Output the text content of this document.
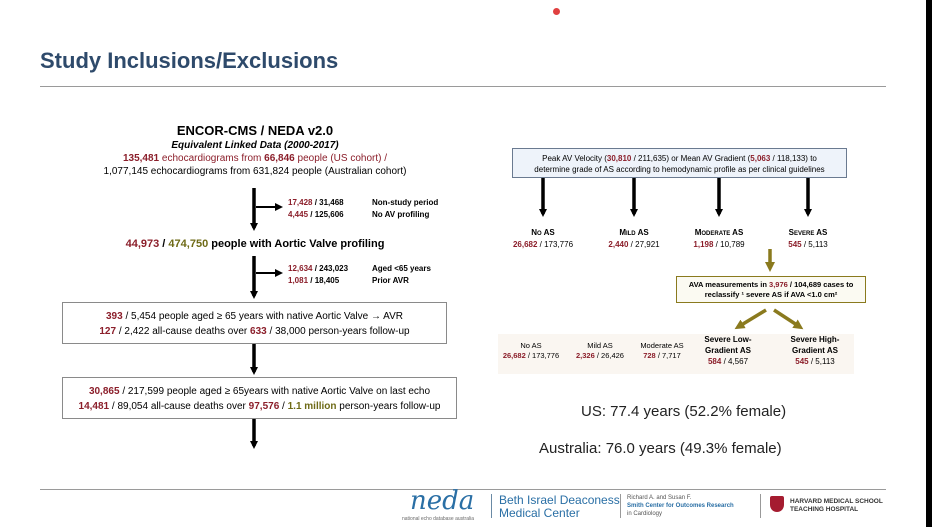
Study Inclusions/Exclusions
ENCOR-CMS / NEDA v2.0
Equivalent Linked Data (2000-2017)
135,481 echocardiograms from 66,846 people (US cohort) /
1,077,145 echocardiograms from 631,824 people (Australian cohort)
17,428 / 31,468	Non-study period
4,445 / 125,606	No AV profiling
44,973 / 474,750 people with Aortic Valve profiling
12,634 / 243,023	Aged <65 years
1,081 / 18,405	Prior AVR
393 / 5,454 people aged ≥ 65 years with native Aortic Valve → AVR
127 / 2,422 all-cause deaths over 633 / 38,000 person-years follow-up
30,865 / 217,599 people aged ≥ 65years with native Aortic Valve on last echo
14,481 / 89,054 all-cause deaths over 97,576 / 1.1 million person-years follow-up
Peak AV Velocity (30,810 / 211,635) or Mean AV Gradient (5,063 / 118,133) to
determine grade of AS according to hemodynamic profile as per clinical guidelines
No AS
26,682 / 173,776
Mild AS
2,440 / 27,921
Moderate AS
1,198 / 10,789
Severe AS
545 / 5,113
AVA measurements in 3,976 / 104,689 cases to
reclassify ¹ severe AS if AVA <1.0 cm²
No AS
26,682 / 173,776
Mild AS
2,326 / 26,426
Moderate AS
728 / 7,717
Severe Low-
Gradient AS
584 / 4,567
Severe High-
Gradient AS
545 / 5,113
US: 77.4 years (52.2% female)
Australia: 76.0 years (49.3% female)
neda
national echo database australia
Beth Israel Deaconess
Medical Center
Richard A. and Susan F.
Smith Center for Outcomes Research
in Cardiology
HARVARD MEDICAL SCHOOL
TEACHING HOSPITAL
